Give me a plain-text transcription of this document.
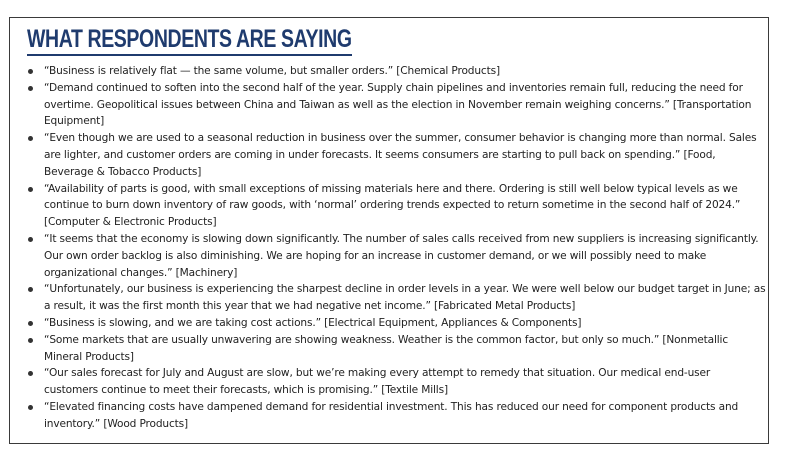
WHAT RESPONDENTS ARE SAYING
“Business is relatively flat — the same volume, but smaller orders.” [Chemical Products]
“Demand continued to soften into the second half of the year. Supply chain pipelines and inventories remain full, reducing the need for overtime. Geopolitical issues between China and Taiwan as well as the election in November remain weighing concerns.” [Transportation Equipment]
“Even though we are used to a seasonal reduction in business over the summer, consumer behavior is changing more than normal. Sales are lighter, and customer orders are coming in under forecasts. It seems consumers are starting to pull back on spending.” [Food, Beverage & Tobacco Products]
“Availability of parts is good, with small exceptions of missing materials here and there. Ordering is still well below typical levels as we continue to burn down inventory of raw goods, with ‘normal’ ordering trends expected to return sometime in the second half of 2024.” [Computer & Electronic Products]
“It seems that the economy is slowing down significantly. The number of sales calls received from new suppliers is increasing significantly. Our own order backlog is also diminishing. We are hoping for an increase in customer demand, or we will possibly need to make organizational changes.” [Machinery]
“Unfortunately, our business is experiencing the sharpest decline in order levels in a year. We were well below our budget target in June; as a result, it was the first month this year that we had negative net income.” [Fabricated Metal Products]
“Business is slowing, and we are taking cost actions.” [Electrical Equipment, Appliances & Components]
“Some markets that are usually unwavering are showing weakness. Weather is the common factor, but only so much.” [Nonmetallic Mineral Products]
“Our sales forecast for July and August are slow, but we’re making every attempt to remedy that situation. Our medical end-user customers continue to meet their forecasts, which is promising.” [Textile Mills]
“Elevated financing costs have dampened demand for residential investment. This has reduced our need for component products and inventory.” [Wood Products]
